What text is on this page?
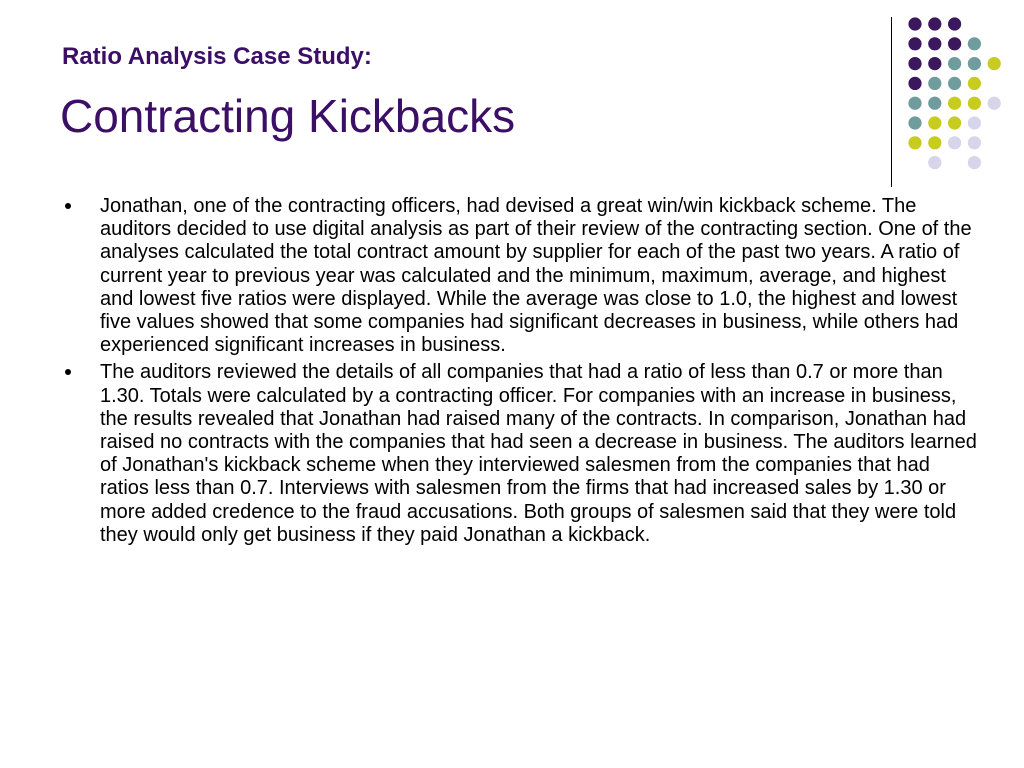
Ratio Analysis Case Study:
Contracting Kickbacks
Jonathan, one of the contracting officers, had devised a great win/win kickback scheme. The auditors decided to use digital analysis as part of their review of the contracting section. One of the analyses calculated the total contract amount by supplier for each of the past two years. A ratio of current year to previous year was calculated and the minimum, maximum, average, and highest and lowest five ratios were displayed. While the average was close to 1.0, the highest and lowest five values showed that some companies had significant decreases in business, while others had experienced significant increases in business.
The auditors reviewed the details of all companies that had a ratio of less than 0.7 or more than 1.30. Totals were calculated by a contracting officer. For companies with an increase in business, the results revealed that Jonathan had raised many of the contracts. In comparison, Jonathan had raised no contracts with the companies that had seen a decrease in business. The auditors learned of Jonathan's kickback scheme when they interviewed salesmen from the companies that had ratios less than 0.7. Interviews with salesmen from the firms that had increased sales by 1.30 or more added credence to the fraud accusations. Both groups of salesmen said that they were told they would only get business if they paid Jonathan a kickback.
